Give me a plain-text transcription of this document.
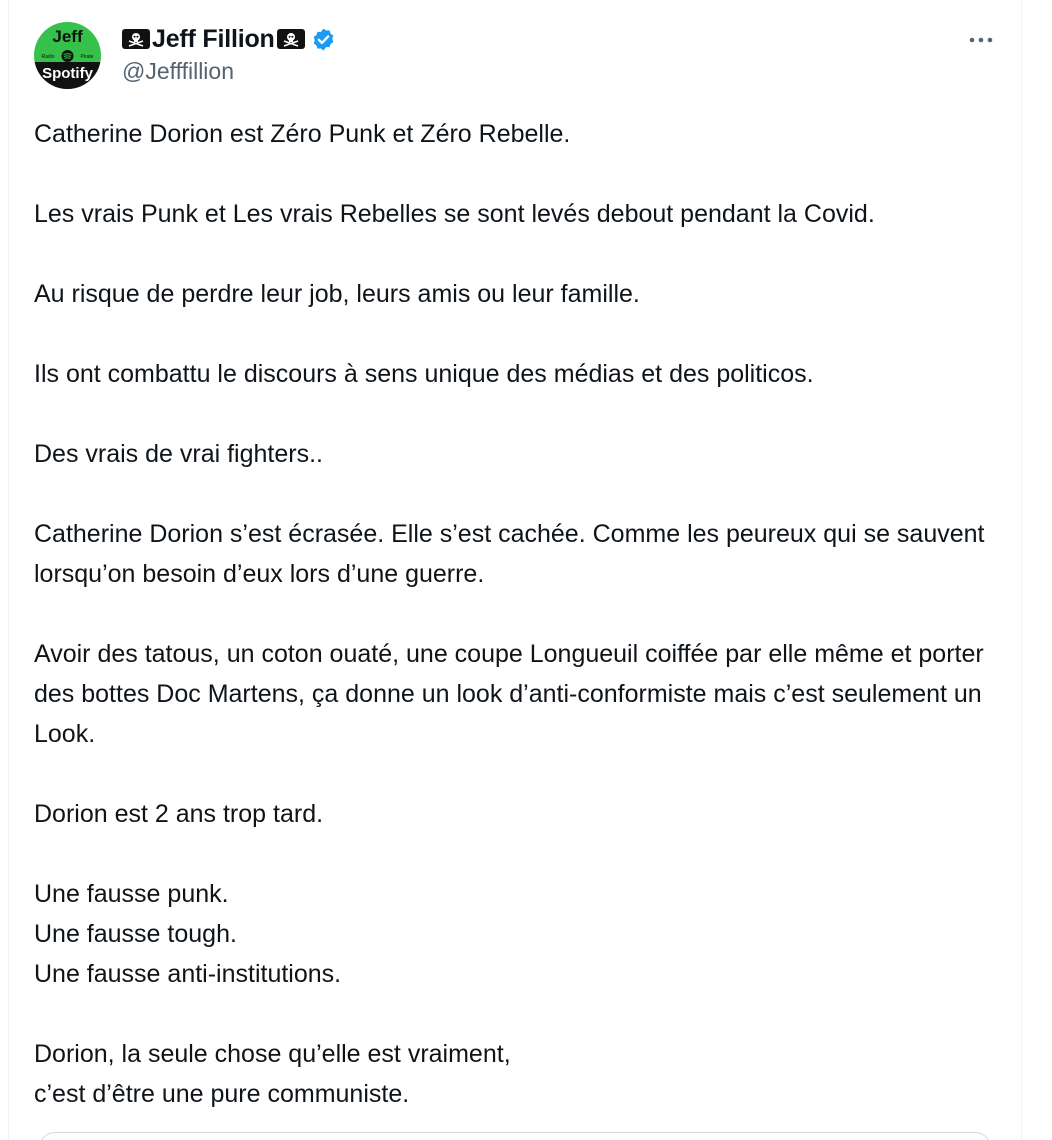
Jeff
Radio	Pirate
Spotify
Jeff Fillion
@Jefffillion
Catherine Dorion est Zéro Punk et Zéro Rebelle.

Les vrais Punk et Les vrais Rebelles se sont levés debout pendant la Covid.

Au risque de perdre leur job, leurs amis ou leur famille.

Ils ont combattu le discours à sens unique des médias et des politicos.

Des vrais de vrai fighters..

Catherine Dorion s’est écrasée. Elle s’est cachée. Comme les peureux qui se sauvent lorsqu’on besoin d’eux lors d’une guerre.

Avoir des tatous, un coton ouaté, une coupe Longueuil coiffée par elle même et porter des bottes Doc Martens, ça donne un look d’anti-conformiste mais c’est seulement un Look.

Dorion est 2 ans trop tard.

Une fausse punk.
Une fausse tough.
Une fausse anti-institutions.

Dorion, la seule chose qu’elle est vraiment,
c’est d’être une pure communiste.
